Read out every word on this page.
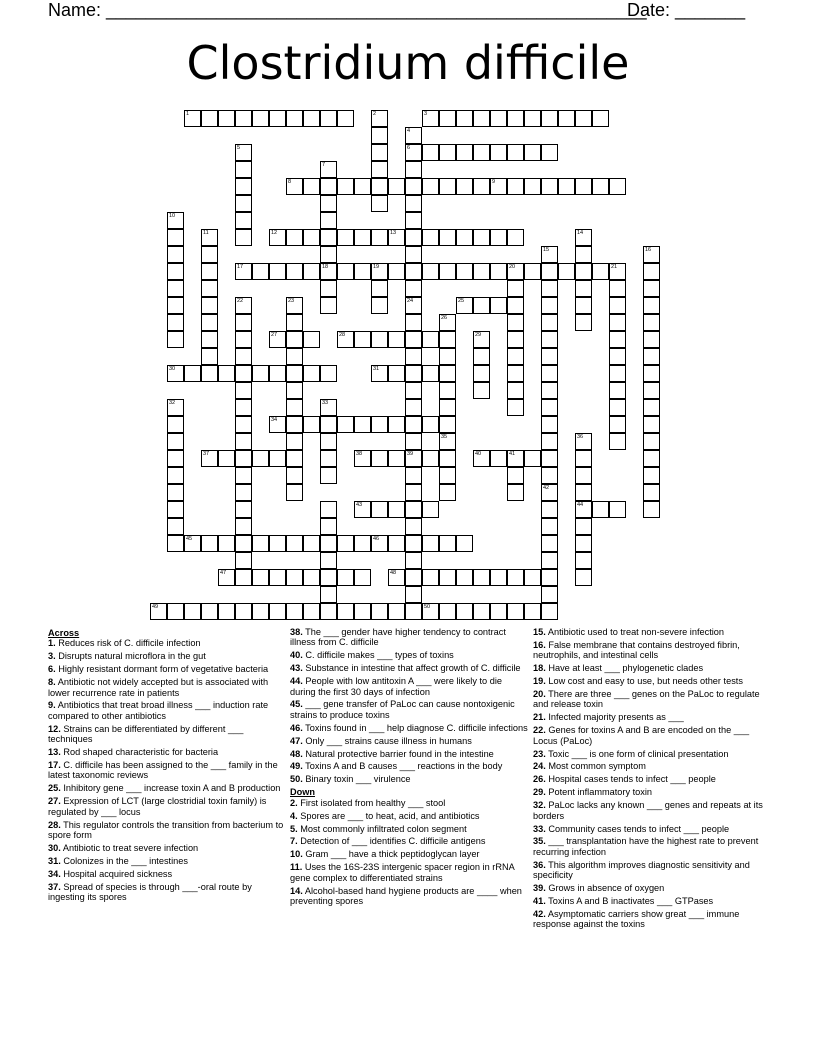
Name: ______________________________________________________
Date: _______
Clostridium difficile
1	3
6
8	9
12	13
17	18	19	20
25
27	28
30	31
34
37	38	39	40	41
43	44
45	46
47	48
49	50
2
4
24
5
7
10
11	14
15
42
16
21
22	23
26
29
32	33
35	36
Across
1. Reduces risk of C. difficile infection
3. Disrupts natural microflora in the gut
6. Highly resistant dormant form of vegetative bacteria
8. Antibiotic not widely accepted but is associated with lower recurrence rate in patients
9. Antibiotics that treat broad illness ___ induction rate compared to other antibiotics
12. Strains can be differentiated by different ___ techniques
13. Rod shaped characteristic for bacteria
17. C. difficile has been assigned to the ___ family in the latest taxonomic reviews
25. Inhibitory gene ___ increase toxin A and B production
27. Expression of LCT (large clostridial toxin family) is regulated by ___ locus
28. This regulator controls the transition from bacterium to spore form
30. Antibiotic to treat severe infection
31. Colonizes in the ___ intestines
34. Hospital acquired sickness
37. Spread of species is through ___-oral route by ingesting its spores
38. The ___ gender have higher tendency to contract illness from C. difficile
40. C. difficile makes ___ types of toxins
43. Substance in intestine that affect growth of C. difficile
44. People with low antitoxin A ___ were likely to die during the first 30 days of infection
45. ___ gene transfer of PaLoc can cause nontoxigenic strains to produce toxins
46. Toxins found in ___ help diagnose C. difficile infections
47. Only ___ strains cause illness in humans
48. Natural protective barrier found in the intestine
49. Toxins A and B causes ___ reactions in the body
50. Binary toxin ___ virulence
Down
2. First isolated from healthy ___ stool
4. Spores are ___ to heat, acid, and antibiotics
5. Most commonly infiltrated colon segment
7. Detection of ___ identifies C. difficile antigens
10. Gram ___ have a thick peptidoglycan layer
11. Uses the 16S-23S intergenic spacer region in rRNA gene complex to differentiated strains
14. Alcohol-based hand hygiene products are ____ when preventing spores
15. Antibiotic used to treat non-severe infection
16. False membrane that contains destroyed fibrin, neutrophils, and intestinal cells
18. Have at least ___ phylogenetic clades
19. Low cost and easy to use, but needs other tests
20. There are three ___ genes on the PaLoc to regulate and release toxin
21. Infected majority presents as ___
22. Genes for toxins A and B are encoded on the ___ Locus (PaLoc)
23. Toxic ___ is one form of clinical presentation
24. Most common symptom
26. Hospital cases tends to infect ___ people
29. Potent inflammatory toxin
32. PaLoc lacks any known ___ genes and repeats at its borders
33. Community cases tends to infect ___ people
35. ___ transplantation have the highest rate to prevent recurring infection
36. This algorithm improves diagnostic sensitivity and specificity
39. Grows in absence of oxygen
41. Toxins A and B inactivates ___ GTPases
42. Asymptomatic carriers show great ___ immune response against the toxins
